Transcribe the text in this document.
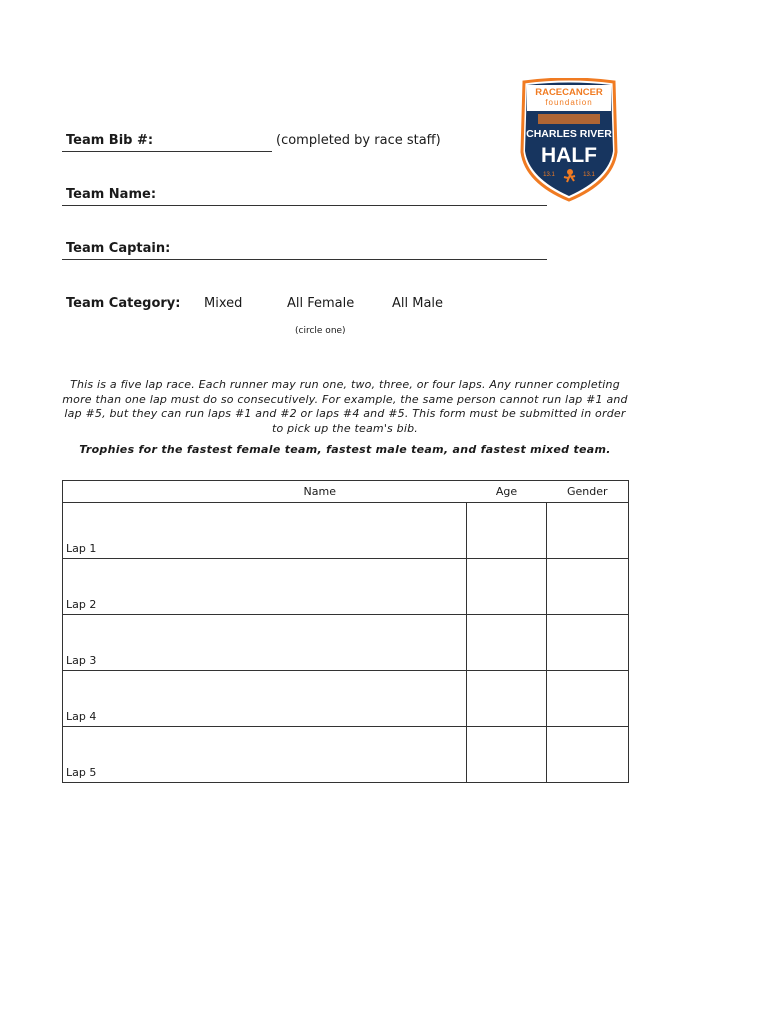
RACECANCER
foundation
CHARLES RIVER
HALF
13.1	13.1
Team Bib #:	(completed by race staff)
Team Name:
Team Captain:
Team Category: Mixed	All Female	All Male
(circle one)
This is a five lap race. Each runner may run one, two, three, or four laps. Any runner completing more than one lap must do so consecutively. For example, the same person cannot run lap #1 and lap #5, but they can run laps #1 and #2 or laps #4 and #5. This form must be submitted in order to pick up the team's bib.
Trophies for the fastest female team, fastest male team, and fastest mixed team.
Name	Age	Gender
Lap 1		
Lap 2		
Lap 3		
Lap 4		
Lap 5		
